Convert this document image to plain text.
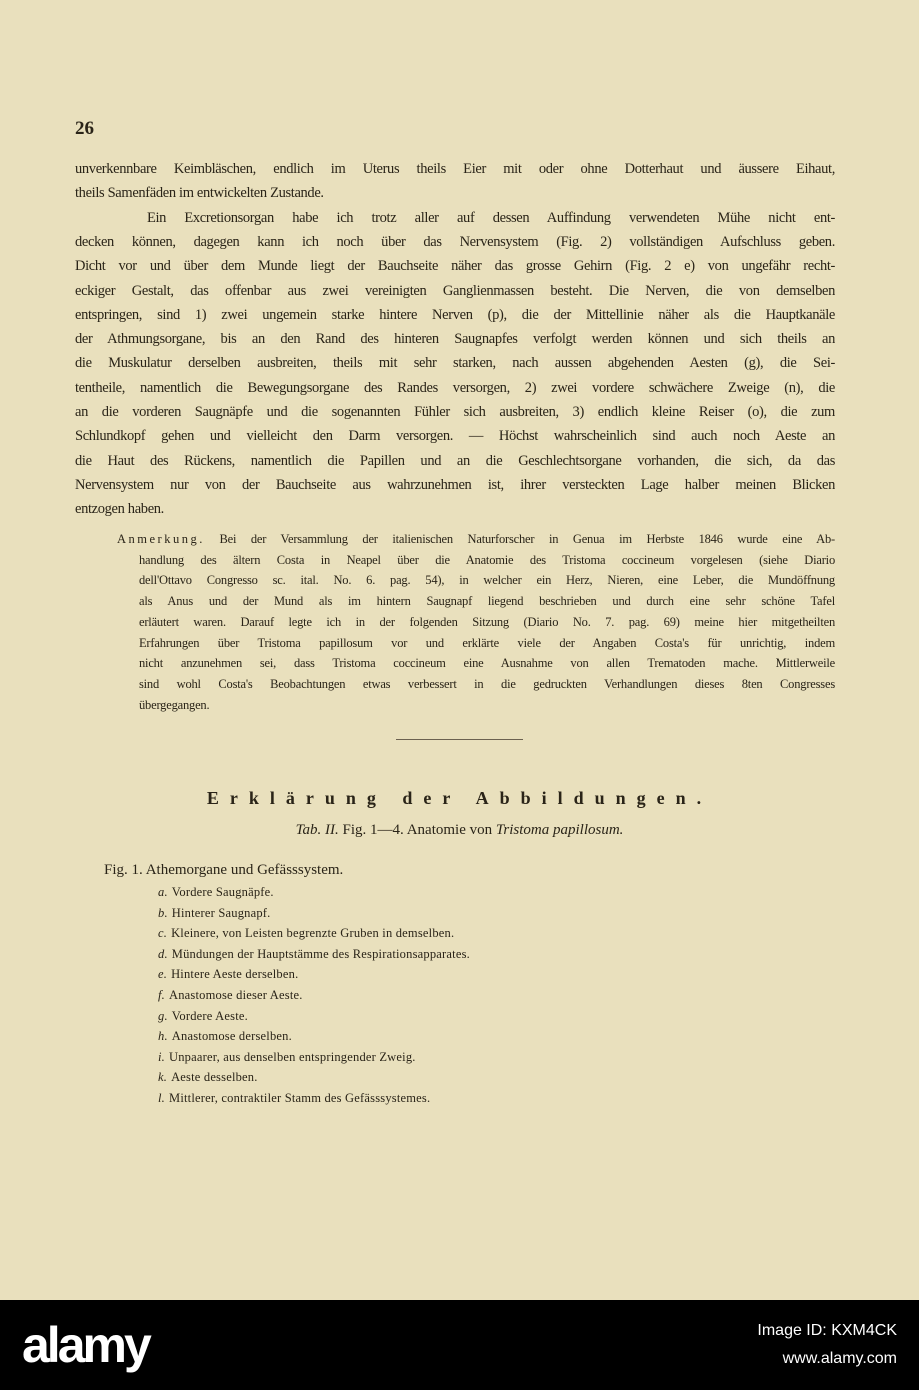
26
unverkennbare Keimbläschen, endlich im Uterus theils Eier mit oder ohne Dotterhaut und äussere Eihaut,
theils Samenfäden im entwickelten Zustande.
Ein Excretionsorgan habe ich trotz aller auf dessen Auffindung verwendeten Mühe nicht ent-
decken können, dagegen kann ich noch über das Nervensystem (Fig. 2) vollständigen Aufschluss geben.
Dicht vor und über dem Munde liegt der Bauchseite näher das grosse Gehirn (Fig. 2 e) von ungefähr recht-
eckiger Gestalt, das offenbar aus zwei vereinigten Ganglienmassen besteht. Die Nerven, die von demselben
entspringen, sind 1) zwei ungemein starke hintere Nerven (p), die der Mittellinie näher als die Hauptkanäle
der Athmungsorgane, bis an den Rand des hinteren Saugnapfes verfolgt werden können und sich theils an
die Muskulatur derselben ausbreiten, theils mit sehr starken, nach aussen abgehenden Aesten (g), die Sei-
tentheile, namentlich die Bewegungsorgane des Randes versorgen, 2) zwei vordere schwächere Zweige (n), die
an die vorderen Saugnäpfe und die sogenannten Fühler sich ausbreiten, 3) endlich kleine Reiser (o), die zum
Schlundkopf gehen und vielleicht den Darm versorgen. — Höchst wahrscheinlich sind auch noch Aeste an
die Haut des Rückens, namentlich die Papillen und an die Geschlechtsorgane vorhanden, die sich, da das
Nervensystem nur von der Bauchseite aus wahrzunehmen ist, ihrer versteckten Lage halber meinen Blicken
entzogen haben.
Anmerkung. Bei der Versammlung der italienischen Naturforscher in Genua im Herbste 1846 wurde eine Ab-
handlung des ältern Costa in Neapel über die Anatomie des Tristoma coccineum vorgelesen (siehe Diario
dell'Ottavo Congresso sc. ital. No. 6. pag. 54), in welcher ein Herz, Nieren, eine Leber, die Mundöffnung
als Anus und der Mund als im hintern Saugnapf liegend beschrieben und durch eine sehr schöne Tafel
erläutert waren. Darauf legte ich in der folgenden Sitzung (Diario No. 7. pag. 69) meine hier mitgetheilten
Erfahrungen über Tristoma papillosum vor und erklärte viele der Angaben Costa's für unrichtig, indem
nicht anzunehmen sei, dass Tristoma coccineum eine Ausnahme von allen Trematoden mache. Mittlerweile
sind wohl Costa's Beobachtungen etwas verbessert in die gedruckten Verhandlungen dieses 8ten Congresses
übergegangen.
Erklärung der Abbildungen.
Tab. II. Fig. 1—4. Anatomie von Tristoma papillosum.
Fig. 1. Athemorgane und Gefässsystem.
a. Vordere Saugnäpfe.
b. Hinterer Saugnapf.
c. Kleinere, von Leisten begrenzte Gruben in demselben.
d. Mündungen der Hauptstämme des Respirationsapparates.
e. Hintere Aeste derselben.
f. Anastomose dieser Aeste.
g. Vordere Aeste.
h. Anastomose derselben.
i. Unpaarer, aus denselben entspringender Zweig.
k. Aeste desselben.
l. Mittlerer, contraktiler Stamm des Gefässsystemes.
alamy	Image ID: KXM4CK
www.alamy.com
